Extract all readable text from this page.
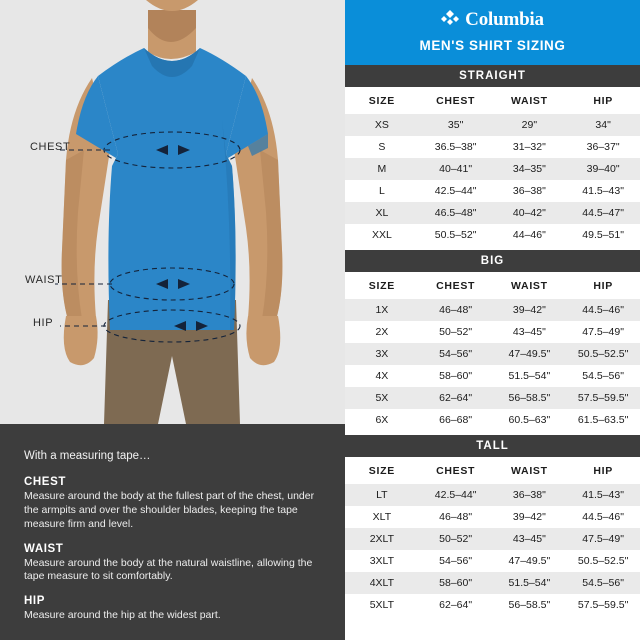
CHEST
WAIST
HIP

With a measuring tape…

CHEST

Measure around the body at the fullest part of the chest, under the armpits and over the shoulder blades, keeping the tape measure firm and level.

WAIST

Measure around the body at the natural waistline, allowing the tape measure to sit comfortably.

HIP

Measure around the hip at the widest part.

Columbia
MEN'S SHIRT SIZING
STRAIGHT
SIZE	CHEST	WAIST	HIP
XS	35"	29"	34"
S	36.5–38"	31–32"	36–37"
M	40–41"	34–35"	39–40"
L	42.5–44"	36–38"	41.5–43"
XL	46.5–48"	40–42"	44.5–47"
XXL	50.5–52"	44–46"	49.5–51"
BIG
SIZE	CHEST	WAIST	HIP
1X	46–48"	39–42"	44.5–46"
2X	50–52"	43–45"	47.5–49"
3X	54–56"	47–49.5"	50.5–52.5"
4X	58–60"	51.5–54"	54.5–56"
5X	62–64"	56–58.5"	57.5–59.5"
6X	66–68"	60.5–63"	61.5–63.5"
TALL
SIZE	CHEST	WAIST	HIP
LT	42.5–44"	36–38"	41.5–43"
XLT	46–48"	39–42"	44.5–46"
2XLT	50–52"	43–45"	47.5–49"
3XLT	54–56"	47–49.5"	50.5–52.5"
4XLT	58–60"	51.5–54"	54.5–56"
5XLT	62–64"	56–58.5"	57.5–59.5"
